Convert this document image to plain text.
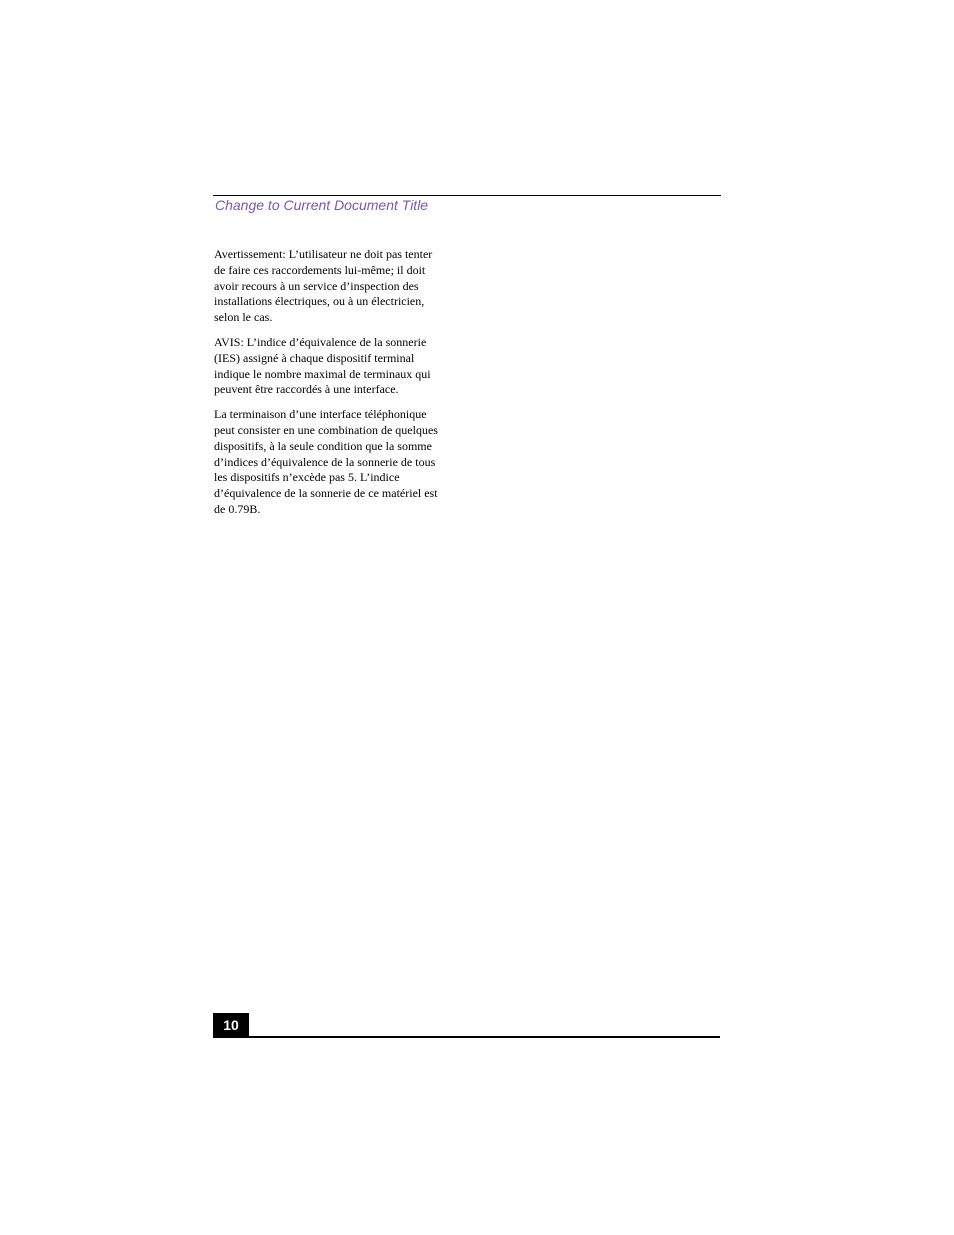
Change to Current Document Title

Avertissement: L’utilisateur ne doit pas tenter
de faire ces raccordements lui-même; il doit
avoir recours à un service d’inspection des
installations électriques, ou à un électricien,
selon le cas.

AVIS: L’indice d’équivalence de la sonnerie
(IES) assigné à chaque dispositif terminal
indique le nombre maximal de terminaux qui
peuvent être raccordés à une interface.

La terminaison d’une interface téléphonique
peut consister en une combination de quelques
dispositifs, à la seule condition que la somme
d’indices d’équivalence de la sonnerie de tous
les dispositifs n’excède pas 5. L’indice
d’équivalence de la sonnerie de ce matériel est
de 0.79B.

10
